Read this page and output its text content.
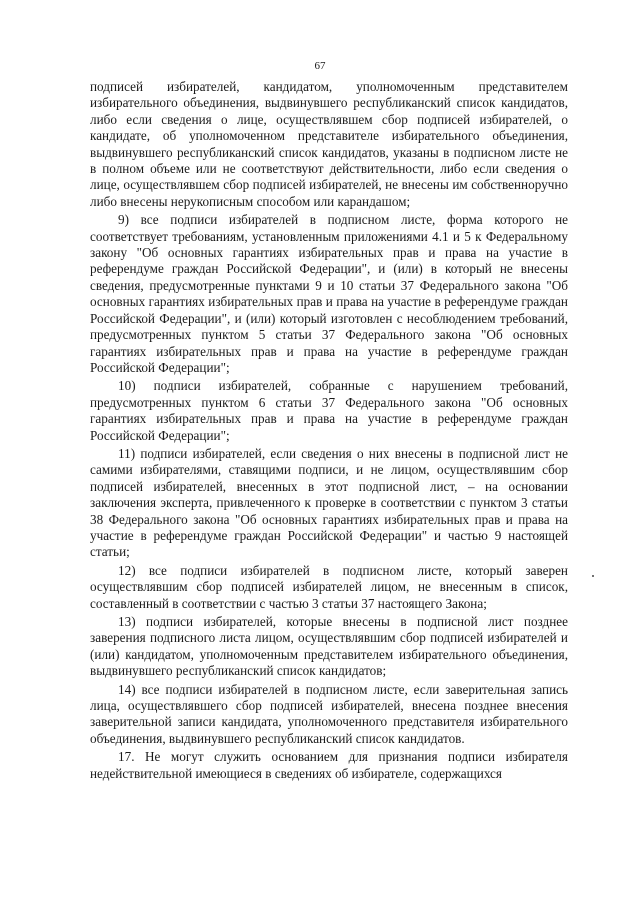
67

подписей избирателей, кандидатом, уполномоченным представителем избирательного объединения, выдвинувшего республиканский список кандидатов, либо если сведения о лице, осуществлявшем сбор подписей избирателей, о кандидате, об уполномоченном представителе избирательного объединения, выдвинувшего республиканский список кандидатов, указаны в подписном листе не в полном объеме или не соответствуют действительности, либо если сведения о лице, осуществлявшем сбор подписей избирателей, не внесены им собственноручно либо внесены нерукописным способом или карандашом;

9) все подписи избирателей в подписном листе, форма которого не соответствует требованиям, установленным приложениями 4.1 и 5 к Федеральному закону "Об основных гарантиях избирательных прав и права на участие в референдуме граждан Российской Федерации", и (или) в который не внесены сведения, предусмотренные пунктами 9 и 10 статьи 37 Федерального закона "Об основных гарантиях избирательных прав и права на участие в референдуме граждан Российской Федерации", и (или) который изготовлен с несоблюдением требований, предусмотренных пунктом 5 статьи 37 Федерального закона "Об основных гарантиях избирательных прав и права на участие в референдуме граждан Российской Федерации";

10) подписи избирателей, собранные с нарушением требований, предусмотренных пунктом 6 статьи 37 Федерального закона "Об основных гарантиях избирательных прав и права на участие в референдуме граждан Российской Федерации";

11) подписи избирателей, если сведения о них внесены в подписной лист не самими избирателями, ставящими подписи, и не лицом, осуществлявшим сбор подписей избирателей, внесенных в этот подписной лист, – на основании заключения эксперта, привлеченного к проверке в соответствии с пунктом 3 статьи 38 Федерального закона "Об основных гарантиях избирательных прав и права на участие в референдуме граждан Российской Федерации" и частью 9 настоящей статьи;

12) все подписи избирателей в подписном листе, который заверен осуществлявшим сбор подписей избирателей лицом, не внесенным в список, составленный в соответствии с частью 3 статьи 37 настоящего Закона;

13) подписи избирателей, которые внесены в подписной лист позднее заверения подписного листа лицом, осуществлявшим сбор подписей избирателей и (или) кандидатом, уполномоченным представителем избирательного объединения, выдвинувшего республиканский список кандидатов;

14) все подписи избирателей в подписном листе, если заверительная запись лица, осуществлявшего сбор подписей избирателей, внесена позднее внесения заверительной записи кандидата, уполномоченного представителя избирательного объединения, выдвинувшего республиканский список кандидатов.

17. Не могут служить основанием для признания подписи избирателя недействительной имеющиеся в сведениях об избирателе, содержащихся
